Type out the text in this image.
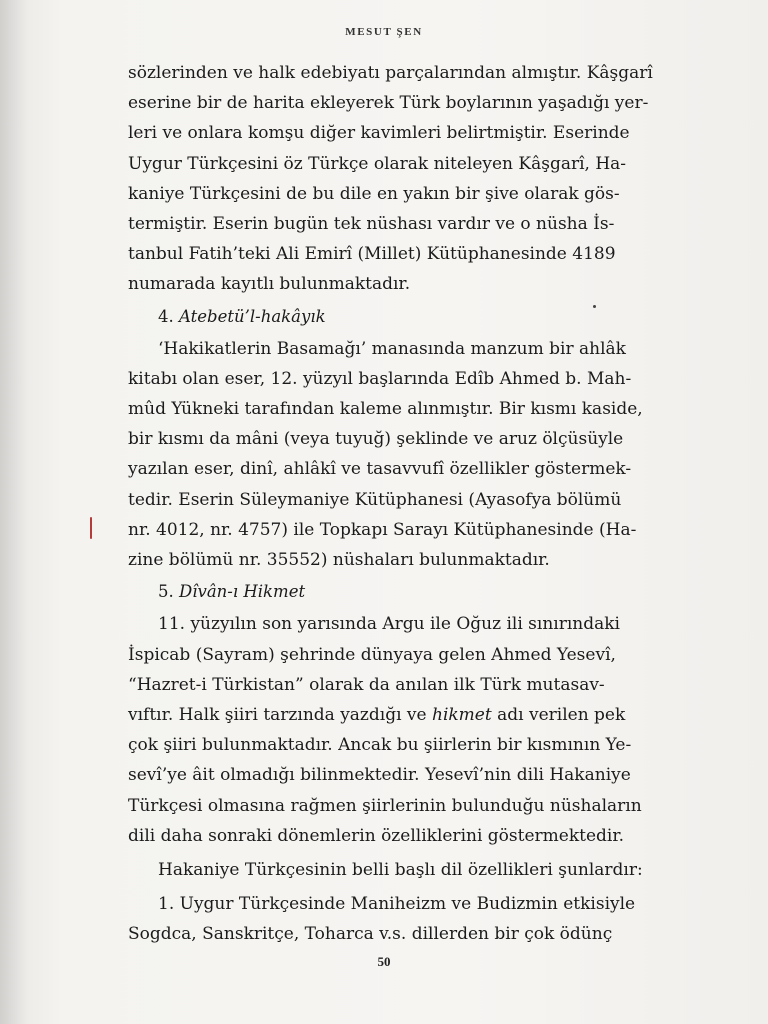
MESUT ŞEN
sözlerinden ve halk edebiyatı parçalarından almıştır. Kâşgarî
eserine bir de harita ekleyerek Türk boylarının yaşadığı yer-
leri ve onlara komşu diğer kavimleri belirtmiştir. Eserinde
Uygur Türkçesini öz Türkçe olarak niteleyen Kâşgarî, Ha-
kaniye Türkçesini de bu dile en yakın bir şive olarak gös-
termiştir. Eserin bugün tek nüshası vardır ve o nüsha İs-
tanbul Fatih’teki Ali Emirî (Millet) Kütüphanesinde 4189
numarada kayıtlı bulunmaktadır.
4.
Atebetü’l-hakâyık
‘Hakikatlerin Basamağı’ manasında manzum bir ahlâk
kitabı olan eser, 12. yüzyıl başlarında Edîb Ahmed b. Mah-
mûd Yükneki tarafından kaleme alınmıştır. Bir kısmı kaside,
bir kısmı da mâni (veya tuyuğ) şeklinde ve aruz ölçüsüyle
yazılan eser, dinî, ahlâkî ve tasavvufî özellikler göstermek-
tedir. Eserin Süleymaniye Kütüphanesi (Ayasofya bölümü
nr. 4012, nr. 4757) ile Topkapı Sarayı Kütüphanesinde (Ha-
zine bölümü nr. 35552) nüshaları bulunmaktadır.
5.
Dîvân-ı Hikmet
11. yüzyılın son yarısında Argu ile Oğuz ili sınırındaki
İspicab (Sayram) şehrinde dünyaya gelen Ahmed Yesevî,
“Hazret-i Türkistan” olarak da anılan ilk Türk mutasav-
vıftır. Halk şiiri tarzında yazdığı ve hikmet adı verilen pek
çok şiiri bulunmaktadır. Ancak bu şiirlerin bir kısmının Ye-
sevî’ye âit olmadığı bilinmektedir. Yesevî’nin dili Hakaniye
Türkçesi olmasına rağmen şiirlerinin bulunduğu nüshaların
dili daha sonraki dönemlerin özelliklerini göstermektedir.
Hakaniye Türkçesinin belli başlı dil özellikleri şunlardır:
1. Uygur Türkçesinde Maniheizm ve Budizmin etkisiyle
Sogdca, Sanskritçe, Toharca v.s. dillerden bir çok ödünç
50
